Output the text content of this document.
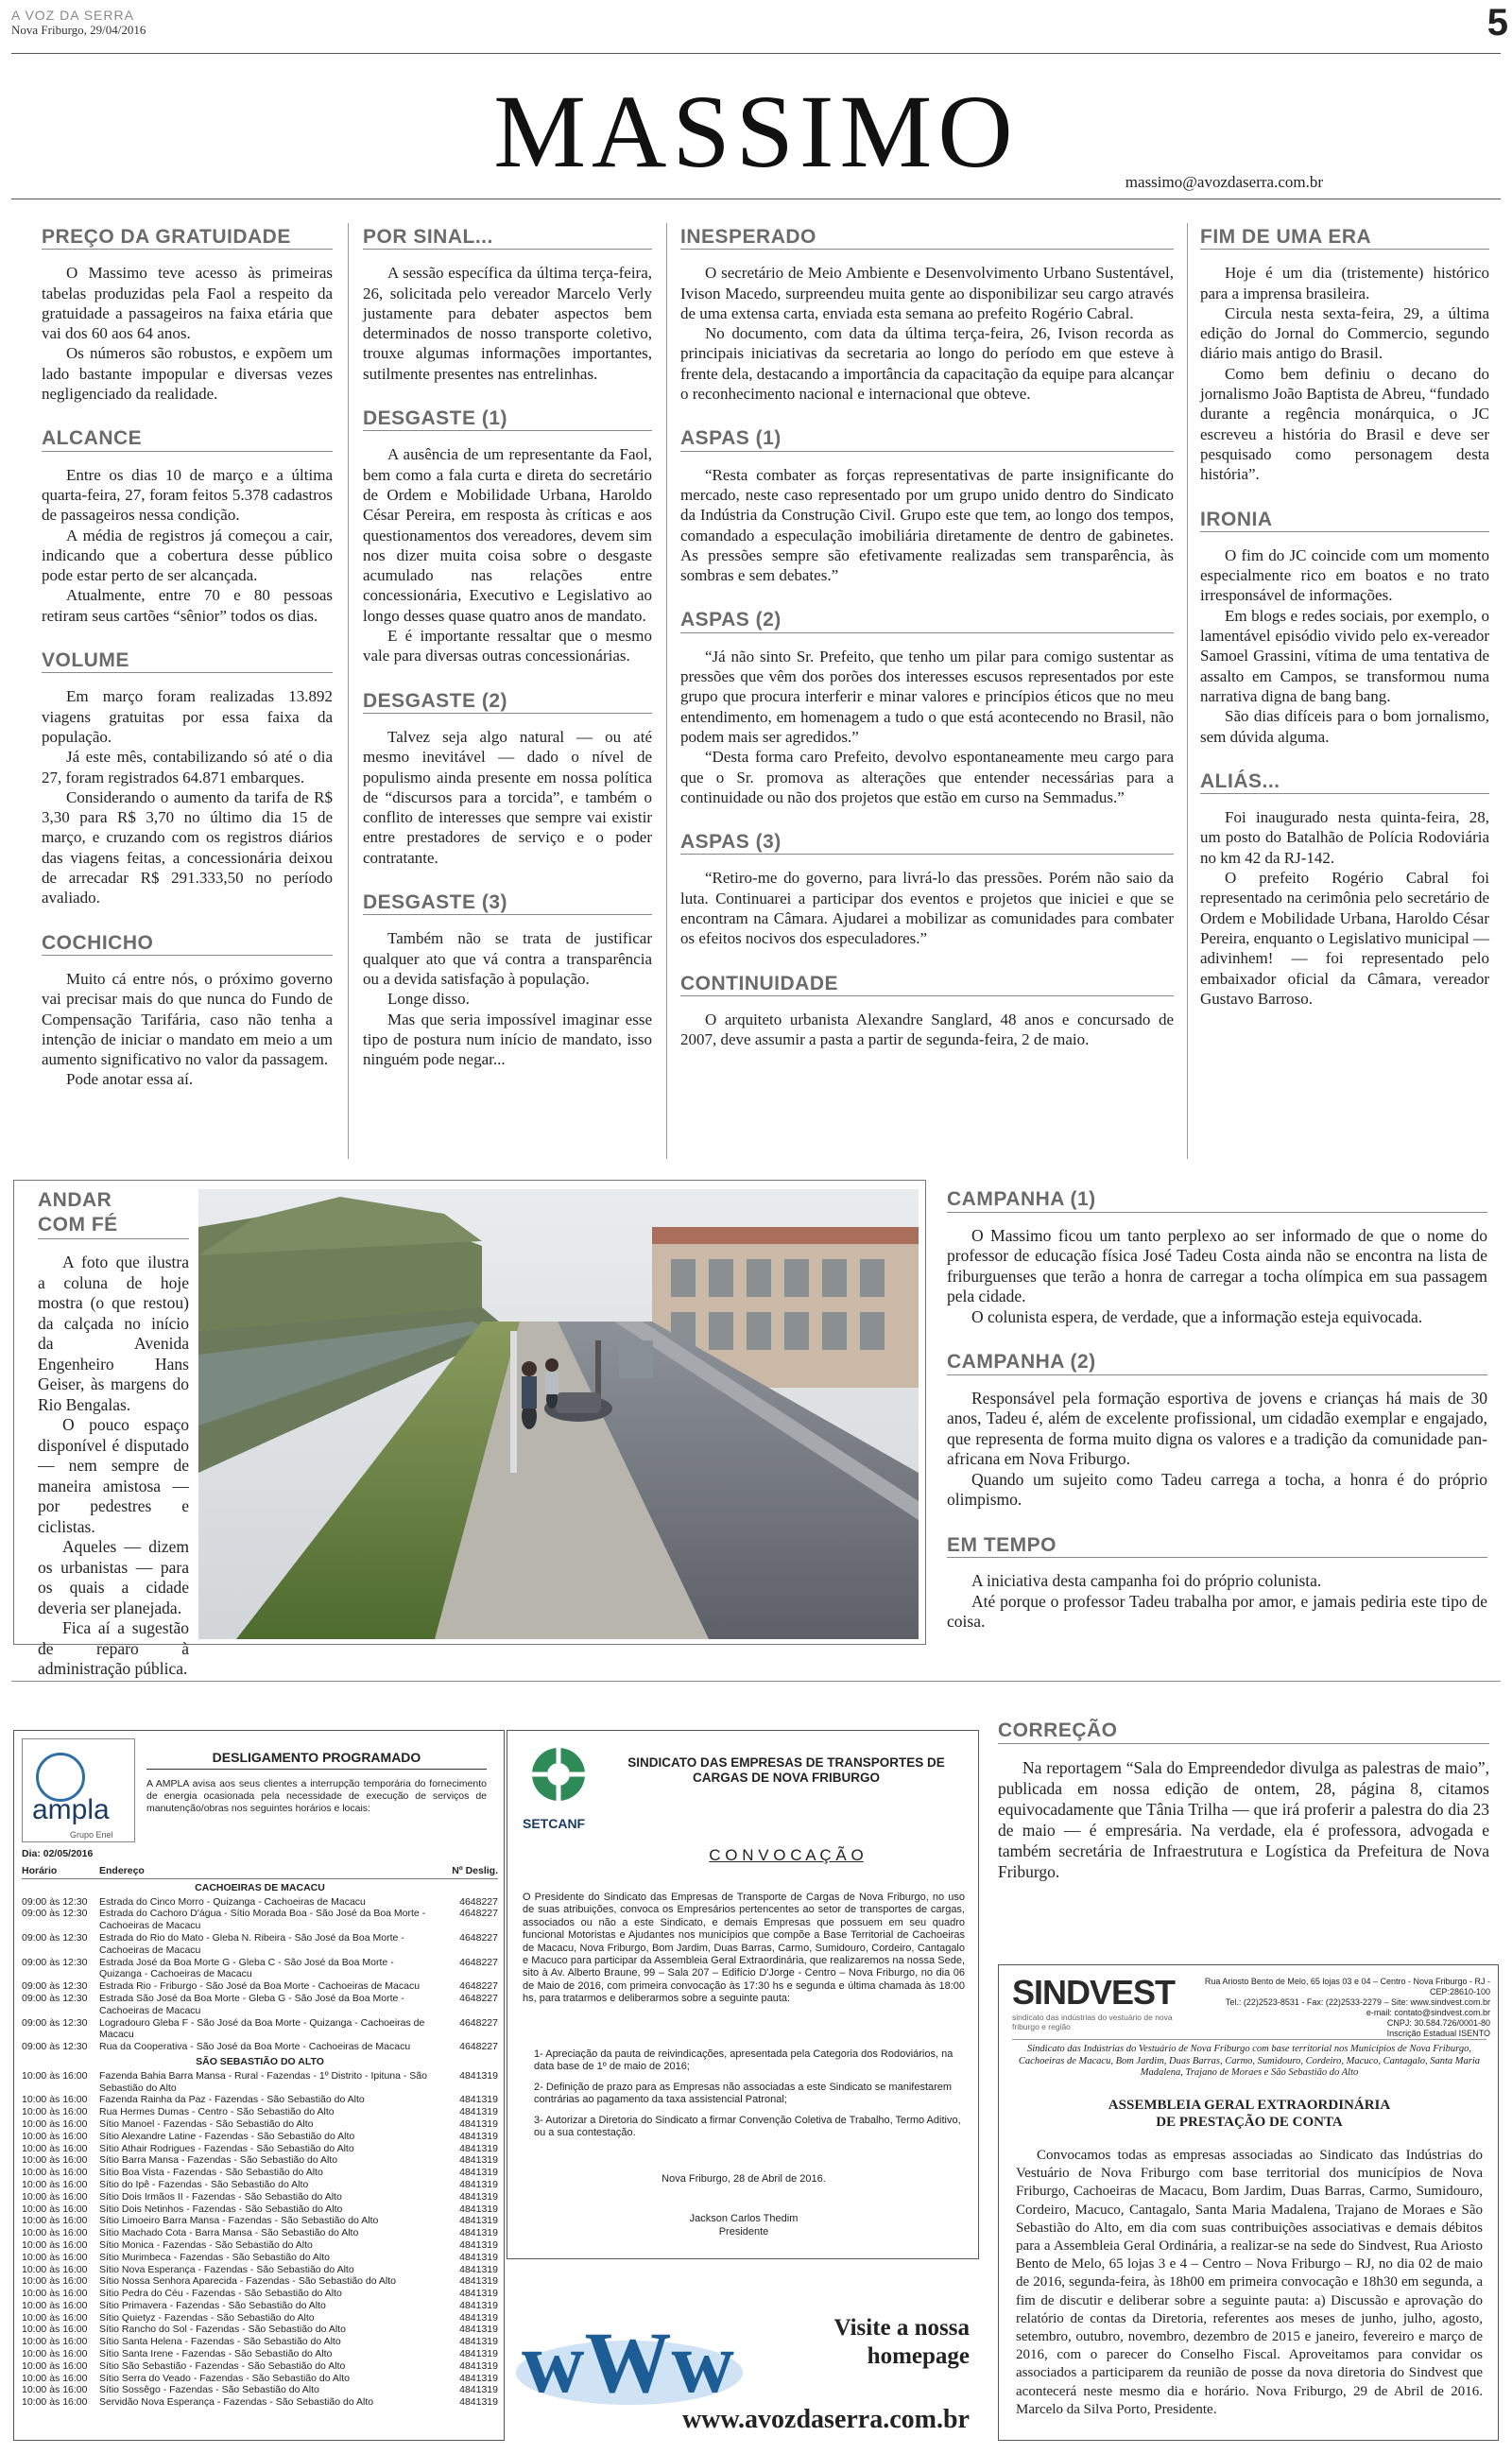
A VOZ DA SERRA
Nova Friburgo, 29/04/2016	5
MASSIMO	massimo@avozdaserra.com.br
PREÇO DA GRATUIDADE

O Massimo teve acesso às primeiras tabelas produzidas pela Faol a respeito da gratuidade a passageiros na faixa etária que vai dos 60 aos 64 anos.

Os números são robustos, e expõem um lado bastante impopular e diversas vezes negligenciado da realidade.

ALCANCE

Entre os dias 10 de março e a última quarta-feira, 27, foram feitos 5.378 cadastros de passageiros nessa condição.

A média de registros já começou a cair, indicando que a cobertura desse público pode estar perto de ser alcançada.

Atualmente, entre 70 e 80 pessoas retiram seus cartões “sênior” todos os dias.

VOLUME

Em março foram realizadas 13.892 viagens gratuitas por essa faixa da população.

Já este mês, contabilizando só até o dia 27, foram registrados 64.871 embarques.

Considerando o aumento da tarifa de R$ 3,30 para R$ 3,70 no último dia 15 de março, e cruzando com os registros diários das viagens feitas, a concessionária deixou de arrecadar R$ 291.333,50 no período avaliado.

COCHICHO

Muito cá entre nós, o próximo governo vai precisar mais do que nunca do Fundo de Compensação Tarifária, caso não tenha a intenção de iniciar o mandato em meio a um aumento significativo no valor da passagem.

Pode anotar essa aí.

POR SINAL...

A sessão específica da última terça-feira, 26, solicitada pelo vereador Marcelo Verly justamente para debater aspectos bem determinados de nosso transporte coletivo, trouxe algumas informações importantes, sutilmente presentes nas entrelinhas.

DESGASTE (1)

A ausência de um representante da Faol, bem como a fala curta e direta do secretário de Ordem e Mobilidade Urbana, Haroldo César Pereira, em resposta às críticas e aos questionamentos dos vereadores, devem sim nos dizer muita coisa sobre o desgaste acumulado nas relações entre concessionária, Executivo e Legislativo ao longo desses quase quatro anos de mandato.

E é importante ressaltar que o mesmo vale para diversas outras concessionárias.

DESGASTE (2)

Talvez seja algo natural — ou até mesmo inevitável — dado o nível de populismo ainda presente em nossa política de “discursos para a torcida”, e também o conflito de interesses que sempre vai existir entre prestadores de serviço e o poder contratante.

DESGASTE (3)

Também não se trata de justificar qualquer ato que vá contra a transparência ou a devida satisfação à população.

Longe disso.

Mas que seria impossível imaginar esse tipo de postura num início de mandato, isso ninguém pode negar...

INESPERADO

O secretário de Meio Ambiente e Desenvolvimento Urbano Sustentável, Ivison Macedo, surpreendeu muita gente ao disponibilizar seu cargo através de uma extensa carta, enviada esta semana ao prefeito Rogério Cabral.

No documento, com data da última terça-feira, 26, Ivison recorda as principais iniciativas da secretaria ao longo do período em que esteve à frente dela, destacando a importância da capacitação da equipe para alcançar o reconhecimento nacional e internacional que obteve.

ASPAS (1)

“Resta combater as forças representativas de parte insignificante do mercado, neste caso representado por um grupo unido dentro do Sindicato da Indústria da Construção Civil. Grupo este que tem, ao longo dos tempos, comandado a especulação imobiliária diretamente de dentro de gabinetes. As pressões sempre são efetivamente realizadas sem transparência, às sombras e sem debates.”

ASPAS (2)

“Já não sinto Sr. Prefeito, que tenho um pilar para comigo sustentar as pressões que vêm dos porões dos interesses escusos representados por este grupo que procura interferir e minar valores e princípios éticos que no meu entendimento, em homenagem a tudo o que está acontecendo no Brasil, não podem mais ser agredidos.”

“Desta forma caro Prefeito, devolvo espontaneamente meu cargo para que o Sr. promova as alterações que entender necessárias para a continuidade ou não dos projetos que estão em curso na Semmadus.”

ASPAS (3)

“Retiro-me do governo, para livrá-lo das pressões. Porém não saio da luta. Continuarei a participar dos eventos e projetos que iniciei e que se encontram na Câmara. Ajudarei a mobilizar as comunidades para combater os efeitos nocivos dos especuladores.”

CONTINUIDADE

O arquiteto urbanista Alexandre Sanglard, 48 anos e concursado de 2007, deve assumir a pasta a partir de segunda-feira, 2 de maio.

FIM DE UMA ERA

Hoje é um dia (tristemente) histórico para a imprensa brasileira.

Circula nesta sexta-feira, 29, a última edição do Jornal do Commercio, segundo diário mais antigo do Brasil.

Como bem definiu o decano do jornalismo João Baptista de Abreu, “fundado durante a regência monárquica, o JC escreveu a história do Brasil e deve ser pesquisado como personagem desta história”.

IRONIA

O fim do JC coincide com um momento especialmente rico em boatos e no trato irresponsável de informações.

Em blogs e redes sociais, por exemplo, o lamentável episódio vivido pelo ex-vereador Samoel Grassini, vítima de uma tentativa de assalto em Campos, se transformou numa narrativa digna de bang bang.

São dias difíceis para o bom jornalismo, sem dúvida alguma.

ALIÁS...

Foi inaugurado nesta quinta-feira, 28, um posto do Batalhão de Polícia Rodoviária no km 42 da RJ-142.

O prefeito Rogério Cabral foi representado na cerimônia pelo secretário de Ordem e Mobilidade Urbana, Haroldo César Pereira, enquanto o Legislativo municipal — adivinhem! — foi representado pelo embaixador oficial da Câmara, vereador Gustavo Barroso.

ANDAR
COM FÉ

A foto que ilustra a coluna de hoje mostra (o que restou) da calçada no início da Avenida Engenheiro Hans Geiser, às margens do Rio Bengalas.

O pouco espaço disponível é disputado — nem sempre de maneira amistosa — por pedestres e ciclistas.

Aqueles — dizem os urbanistas — para os quais a cidade deveria ser planejada.

Fica aí a sugestão de reparo à administração pública.

CAMPANHA (1)

O Massimo ficou um tanto perplexo ao ser informado de que o nome do professor de educação física José Tadeu Costa ainda não se encontra na lista de friburguenses que terão a honra de carregar a tocha olímpica em sua passagem pela cidade.

O colunista espera, de verdade, que a informação esteja equivocada.

CAMPANHA (2)

Responsável pela formação esportiva de jovens e crianças há mais de 30 anos, Tadeu é, além de excelente profissional, um cidadão exemplar e engajado, que representa de forma muito digna os valores e a tradição da comunidade pan-africana em Nova Friburgo.

Quando um sujeito como Tadeu carrega a tocha, a honra é do próprio olimpismo.

EM TEMPO

A iniciativa desta campanha foi do próprio colunista.

Até porque o professor Tadeu trabalha por amor, e jamais pediria este tipo de coisa.

ampla
Grupo Enel
DESLIGAMENTO PROGRAMADO
A AMPLA avisa aos seus clientes a interrupção temporária do fornecimento de energia ocasionada pela necessidade de execução de serviços de manutenção/obras nos seguintes horários e locais:
Dia: 02/05/2016
Horário	Endereço	Nº Deslig.
CACHOEIRAS DE MACACU
09:00 às 12:30	Estrada do Cinco Morro - Quizanga - Cachoeiras de Macacu	4648227
09:00 às 12:30	Estrada do Cachoro D'água - Sítio Morada Boa - São José da Boa Morte - Cachoeiras de Macacu
4648227
09:00 às 12:30	Estrada do Rio do Mato - Gleba N. Ribeira - São José da Boa Morte - Cachoeiras de Macacu
4648227
09:00 às 12:30	Estrada José da Boa Morte G - Gleba C - São José da Boa Morte - Quizanga - Cachoeiras de Macacu
4648227
09:00 às 12:30	Estrada Rio - Friburgo - São José da Boa Morte - Cachoeiras de Macacu	4648227
09:00 às 12:30	Estrada São José da Boa Morte - Gleba G - São José da Boa Morte - Cachoeiras de Macacu
4648227
09:00 às 12:30	Logradouro Gleba F - São José da Boa Morte - Quizanga - Cachoeiras de Macacu
4648227
09:00 às 12:30	Rua da Cooperativa - São José da Boa Morte - Cachoeiras de Macacu	4648227
SÃO SEBASTIÃO DO ALTO
10:00 às 16:00	Fazenda Bahia Barra Mansa - Rural - Fazendas - 1º Distrito - Ipituna - São Sebastião do Alto
4841319
10:00 às 16:00	Fazenda Rainha da Paz - Fazendas - São Sebastião do Alto	4841319
10:00 às 16:00	Rua Hermes Dumas - Centro - São Sebastião do Alto	4841319
10:00 às 16:00	Sítio Manoel - Fazendas - São Sebastião do Alto	4841319
10:00 às 16:00	Sítio Alexandre Latine - Fazendas - São Sebastião do Alto	4841319
10:00 às 16:00	Sítio Athair Rodrigues - Fazendas - São Sebastião do Alto	4841319
10:00 às 16:00	Sítio Barra Mansa - Fazendas - São Sebastião do Alto	4841319
10:00 às 16:00	Sítio Boa Vista - Fazendas - São Sebastião do Alto	4841319
10:00 às 16:00	Sítio do Ipê - Fazendas - São Sebastião do Alto	4841319
10:00 às 16:00	Sítio Dois Irmãos II - Fazendas - São Sebastião do Alto	4841319
10:00 às 16:00	Sítio Dois Netinhos - Fazendas - São Sebastião do Alto	4841319
10:00 às 16:00	Sítio Limoeiro Barra Mansa - Fazendas - São Sebastião do Alto	4841319
10:00 às 16:00	Sítio Machado Cota - Barra Mansa - São Sebastião do Alto	4841319
10:00 às 16:00	Sítio Monica - Fazendas - São Sebastião do Alto	4841319
10:00 às 16:00	Sítio Murimbeca - Fazendas - São Sebastião do Alto	4841319
10:00 às 16:00	Sítio Nova Esperança - Fazendas - São Sebastião do Alto	4841319
10:00 às 16:00	Sítio Nossa Senhora Aparecida - Fazendas - São Sebastião do Alto	4841319
10:00 às 16:00	Sítio Pedra do Céu - Fazendas - São Sebastião do Alto	4841319
10:00 às 16:00	Sítio Primavera - Fazendas - São Sebastião do Alto	4841319
10:00 às 16:00	Sítio Quietyz - Fazendas - São Sebastião do Alto	4841319
10:00 às 16:00	Sítio Rancho do Sol - Fazendas - São Sebastião do Alto	4841319
10:00 às 16:00	Sítio Santa Helena - Fazendas - São Sebastião do Alto	4841319
10:00 às 16:00	Sítio Santa Irene - Fazendas - São Sebastião do Alto	4841319
10:00 às 16:00	Sítio São Sebastião - Fazendas - São Sebastião do Alto	4841319
10:00 às 16:00	Sítio Serra do Veado - Fazendas - São Sebastião do Alto	4841319
10:00 às 16:00	Sítio Sossêgo - Fazendas - São Sebastião do Alto	4841319
10:00 às 16:00	Servidão Nova Esperança - Fazendas - São Sebastião do Alto	4841319
SETCANF
SINDICATO DAS EMPRESAS DE TRANSPORTES DE CARGAS DE NOVA FRIBURGO
C O N V O C A Ç Ã O
O Presidente do Sindicato das Empresas de Transporte de Cargas de Nova Friburgo, no uso de suas atribuições, convoca os Empresários pertencentes ao setor de transportes de cargas, associados ou não a este Sindicato, e demais Empresas que possuem em seu quadro funcional Motoristas e Ajudantes nos municípios que compõe a Base Territorial de Cachoeiras de Macacu, Nova Friburgo, Bom Jardim, Duas Barras, Carmo, Sumidouro, Cordeiro, Cantagalo e Macuco para participar da Assembleia Geral Extraordinária, que realizaremos na nossa Sede, sito à Av. Alberto Braune, 99 – Sala 207 – Edifício D'Jorge - Centro – Nova Friburgo, no dia 06 de Maio de 2016, com primeira convocação às 17:30 hs e segunda e última chamada às 18:00 hs, para tratarmos e deliberarmos sobre a seguinte pauta:
1- Apreciação da pauta de reivindicações, apresentada pela Categoria dos Rodoviários, na data base de 1º de maio de 2016;
2- Definição de prazo para as Empresas não associadas a este Sindicato se manifestarem contrárias ao pagamento da taxa assistencial Patronal;
3- Autorizar a Diretoria do Sindicato a firmar Convenção Coletiva de Trabalho, Termo Aditivo, ou a sua contestação.
Nova Friburgo, 28 de Abril de 2016.
Jackson Carlos Thedim
Presidente
wWw	Visite a nossa
homepage
www.avozdaserra.com.br
CORREÇÃO

Na reportagem “Sala do Empreendedor divulga as palestras de maio”, publicada em nossa edição de ontem, 28, página 8, citamos equivocadamente que Tânia Trilha — que irá proferir a palestra do dia 23 de maio — é empresária. Na verdade, ela é professora, advogada e também secretária de Infraestrutura e Logística da Prefeitura de Nova Friburgo.

SINDVEST
sindicato das indústrias do vestuário de nova friburgo e região
Rua Ariosto Bento de Melo, 65 lojas 03 e 04 – Centro - Nova Friburgo - RJ - CEP:28610-100
Tel.: (22)2523-8531 - Fax: (22)2533-2279 – Site: www.sindvest.com.br
e-mail: contato@sindvest.com.br
CNPJ: 30.584.726/0001-80
Inscrição Estadual ISENTO
Sindicato das Indústrias do Vestuário de Nova Friburgo com base territorial nos Municípios de Nova Friburgo, Cachoeiras de Macacu, Bom Jardim, Duas Barras, Carmo, Sumidouro, Cordeiro, Macuco, Cantagalo, Santa Maria Madalena, Trajano de Moraes e São Sebastião do Alto
ASSEMBLEIA GERAL EXTRAORDINÁRIA
DE PRESTAÇÃO DE CONTA
Convocamos todas as empresas associadas ao Sindicato das Indústrias do Vestuário de Nova Friburgo com base territorial dos municípios de Nova Friburgo, Cachoeiras de Macacu, Bom Jardim, Duas Barras, Carmo, Sumidouro, Cordeiro, Macuco, Cantagalo, Santa Maria Madalena, Trajano de Moraes e São Sebastião do Alto, em dia com suas contribuições associativas e demais débitos para a Assembleia Geral Ordinária, a realizar-se na sede do Sindvest, Rua Ariosto Bento de Melo, 65 lojas 3 e 4 – Centro – Nova Friburgo – RJ, no dia 02 de maio de 2016, segunda-feira, às 18h00 em primeira convocação e 18h30 em segunda, a fim de discutir e deliberar sobre a seguinte pauta: a) Discussão e aprovação do relatório de contas da Diretoria, referentes aos meses de junho, julho, agosto, setembro, outubro, novembro, dezembro de 2015 e janeiro, fevereiro e março de 2016, com o parecer do Conselho Fiscal. Aproveitamos para convidar os associados a participarem da reunião de posse da nova diretoria do Sindvest que acontecerá neste mesmo dia e horário. Nova Friburgo, 29 de Abril de 2016. Marcelo da Silva Porto, Presidente.
